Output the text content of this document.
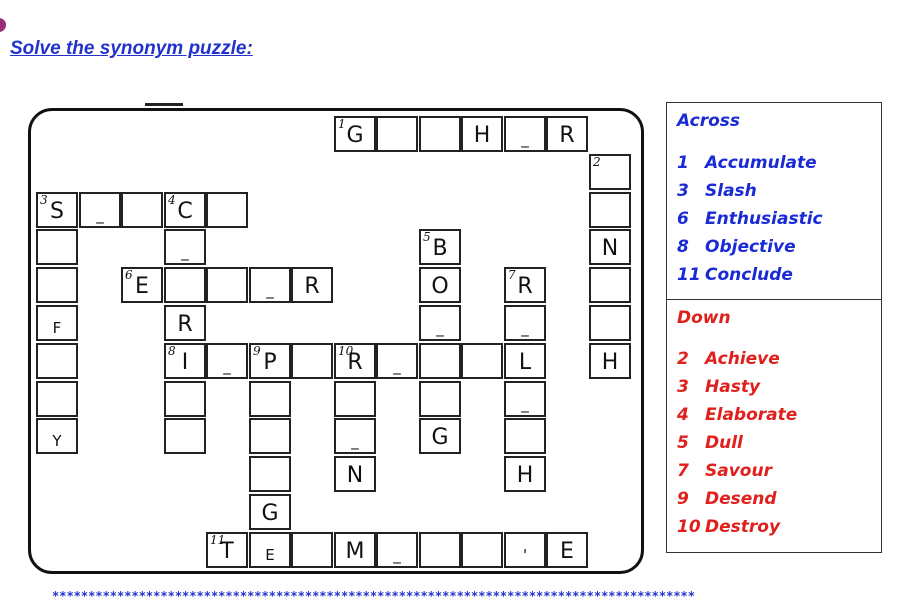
Solve the synonym puzzle:
1 G	H	_	R
2
N
H
3 S	_
4 C
F
Y
_
6 E	_	R
R
8 I	_
9 P	10
R	_	L
5 B
O
_
G
7 R
_
_
H
G
_
N
11
T	E	M	_	'	E
Across
1 Accumulate
3 Slash
6 Enthusiastic
8 Objective
11 Conclude
Down
2 Achieve
3 Hasty
4 Elaborate
5 Dull
7 Savour
9 Desend
10 Destroy
*****************************************************************************************
